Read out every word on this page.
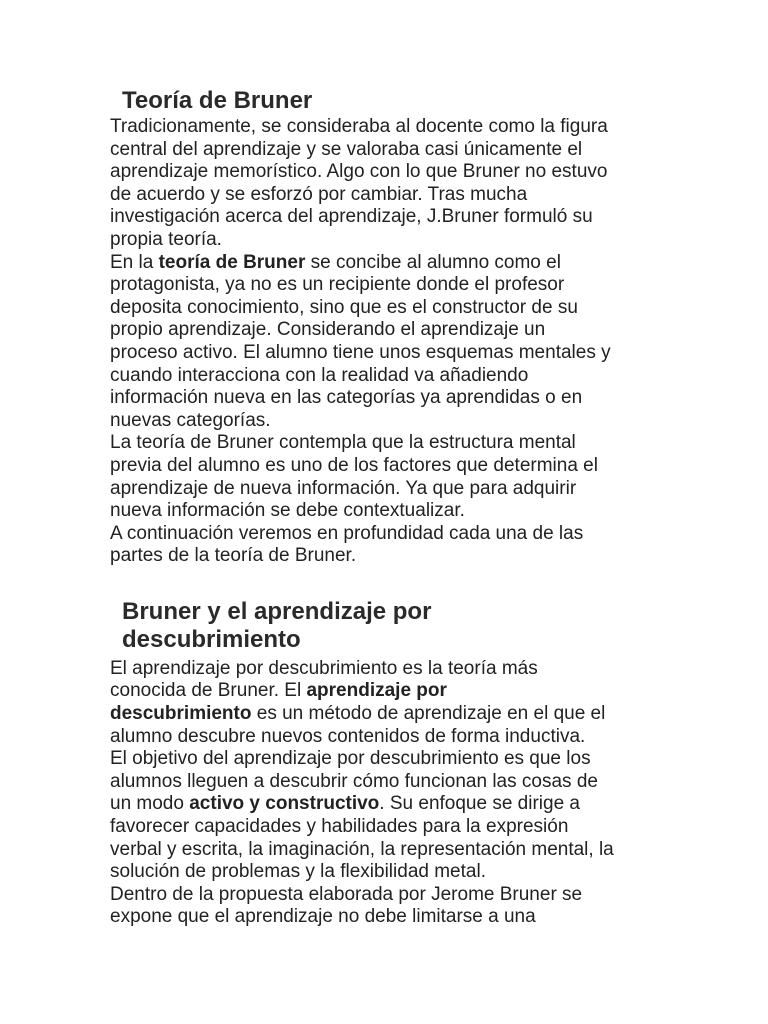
Teoría de Bruner

Tradicionamente, se consideraba al docente como la figura
central del aprendizaje y se valoraba casi únicamente el
aprendizaje memorístico. Algo con lo que Bruner no estuvo
de acuerdo y se esforzó por cambiar. Tras mucha
investigación acerca del aprendizaje, J.Bruner formuló su
propia teoría.

En la teoría de Bruner se concibe al alumno como el
protagonista, ya no es un recipiente donde el profesor
deposita conocimiento, sino que es el constructor de su
propio aprendizaje. Considerando el aprendizaje un
proceso activo. El alumno tiene unos esquemas mentales y
cuando interacciona con la realidad va añadiendo
información nueva en las categorías ya aprendidas o en
nuevas categorías.

La teoría de Bruner contempla que la estructura mental
previa del alumno es uno de los factores que determina el
aprendizaje de nueva información. Ya que para adquirir
nueva información se debe contextualizar.

A continuación veremos en profundidad cada una de las
partes de la teoría de Bruner.

Bruner y el aprendizaje por
descubrimiento

El aprendizaje por descubrimiento es la teoría más
conocida de Bruner. El aprendizaje por
descubrimiento es un método de aprendizaje en el que el
alumno descubre nuevos contenidos de forma inductiva.

El objetivo del aprendizaje por descubrimiento es que los
alumnos lleguen a descubrir cómo funcionan las cosas de
un modo activo y constructivo. Su enfoque se dirige a
favorecer capacidades y habilidades para la expresión
verbal y escrita, la imaginación, la representación mental, la
solución de problemas y la flexibilidad metal.

Dentro de la propuesta elaborada por Jerome Bruner se
expone que el aprendizaje no debe limitarse a una
